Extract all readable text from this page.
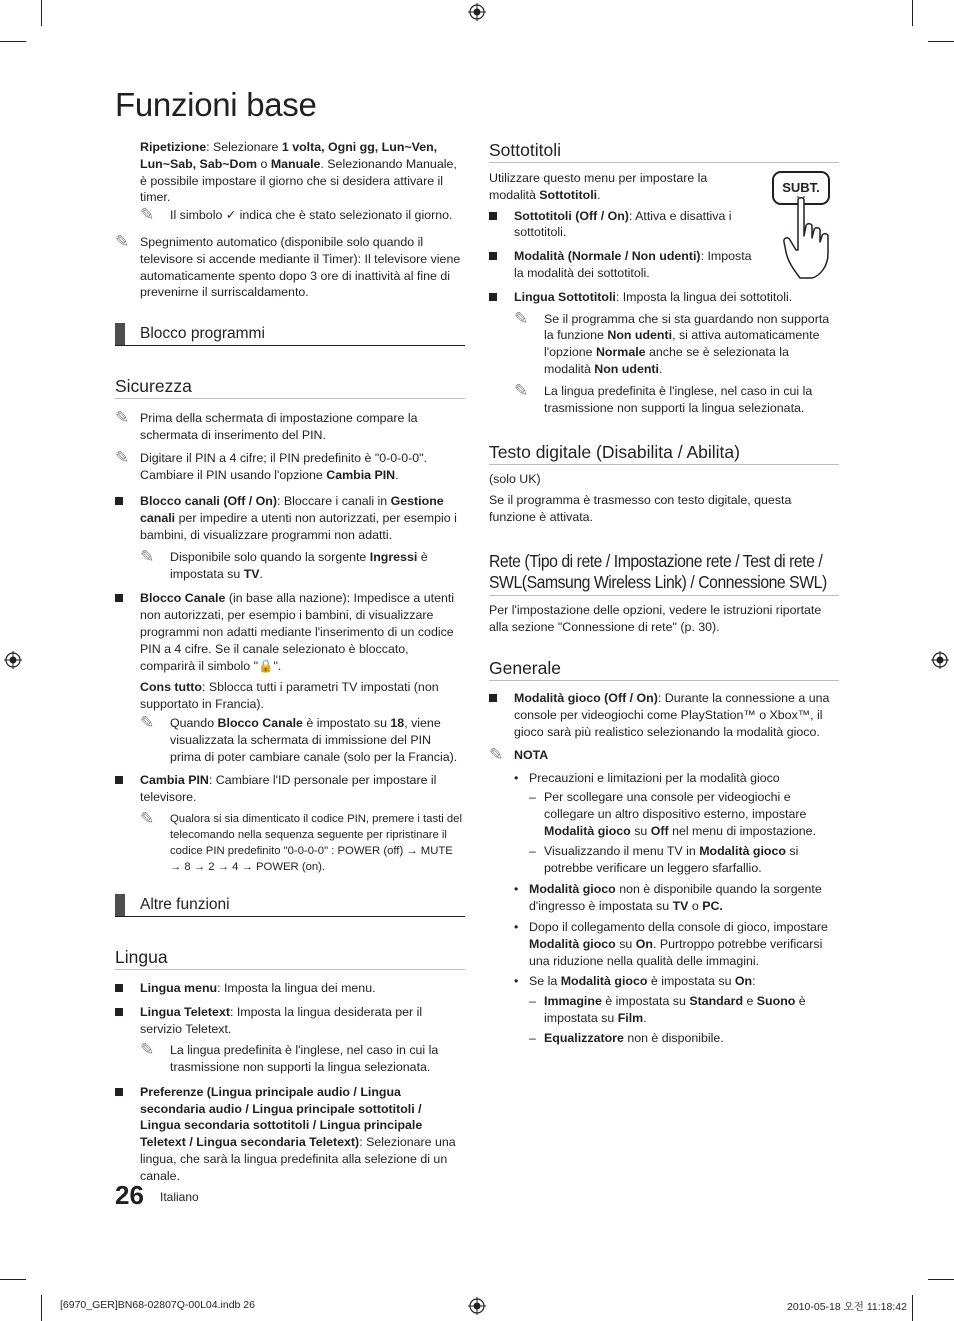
Funzioni base
Ripetizione: Selezionare 1 volta, Ogni gg, Lun~Ven, Lun~Sab, Sab~Dom o Manuale. Selezionando Manuale, è possibile impostare il giorno che si desidera attivare il timer.
✎ Il simbolo ✓ indica che è stato selezionato il giorno.
✎ Spegnimento automatico (disponibile solo quando il televisore si accende mediante il Timer): Il televisore viene automaticamente spento dopo 3 ore di inattività al fine di prevenirne il surriscaldamento.
Blocco programmi
Sicurezza
✎ Prima della schermata di impostazione compare la schermata di inserimento del PIN.
✎ Digitare il PIN a 4 cifre; il PIN predefinito è "0-0-0-0". Cambiare il PIN usando l'opzione Cambia PIN.
Blocco canali (Off / On): Bloccare i canali in Gestione canali per impedire a utenti non autorizzati, per esempio i bambini, di visualizzare programmi non adatti.
✎ Disponibile solo quando la sorgente Ingressi è impostata su TV.
Blocco Canale (in base alla nazione): Impedisce a utenti non autorizzati, per esempio i bambini, di visualizzare programmi non adatti mediante l'inserimento di un codice PIN a 4 cifre. Se il canale selezionato è bloccato, comparirà il simbolo "🔒".
Cons tutto: Sblocca tutti i parametri TV impostati (non supportato in Francia).
✎ Quando Blocco Canale è impostato su 18, viene visualizzata la schermata di immissione del PIN prima di poter cambiare canale (solo per la Francia).
Cambia PIN: Cambiare l'ID personale per impostare il televisore.
✎ Qualora si sia dimenticato il codice PIN, premere i tasti del telecomando nella sequenza seguente per ripristinare il codice PIN predefinito "0-0-0-0" : POWER (off) → MUTE → 8 → 2 → 4 → POWER (on).
Altre funzioni
Lingua
Lingua menu: Imposta la lingua dei menu.
Lingua Teletext: Imposta la lingua desiderata per il servizio Teletext.
✎ La lingua predefinita è l'inglese, nel caso in cui la trasmissione non supporti la lingua selezionata.
Preferenze (Lingua principale audio / Lingua secondaria audio / Lingua principale sottotitoli / Lingua secondaria sottotitoli / Lingua principale Teletext / Lingua secondaria Teletext): Selezionare una lingua, che sarà la lingua predefinita alla selezione di un canale.
Sottotitoli
Utilizzare questo menu per impostare la modalità Sottotitoli.
Sottotitoli (Off / On): Attiva e disattiva i sottotitoli.
Modalità (Normale / Non udenti): Imposta la modalità dei sottotitoli.
Lingua Sottotitoli: Imposta la lingua dei sottotitoli.
✎ Se il programma che si sta guardando non supporta la funzione Non udenti, si attiva automaticamente l'opzione Normale anche se è selezionata la modalità Non udenti.
✎ La lingua predefinita è l'inglese, nel caso in cui la trasmissione non supporti la lingua selezionata.
Testo digitale (Disabilita / Abilita)
(solo UK)
Se il programma è trasmesso con testo digitale, questa funzione è attivata.
Rete (Tipo di rete / Impostazione rete / Test di rete / SWL(Samsung Wireless Link) / Connessione SWL)
Per l'impostazione delle opzioni, vedere le istruzioni riportate alla sezione "Connessione di rete" (p. 30).
Generale
Modalità gioco (Off / On): Durante la connessione a una console per videogiochi come PlayStation™ o Xbox™, il gioco sarà più realistico selezionando la modalità gioco.
✎ NOTA
• Precauzioni e limitazioni per la modalità gioco
– Per scollegare una console per videogiochi e collegare un altro dispositivo esterno, impostare Modalità gioco su Off nel menu di impostazione.
– Visualizzando il menu TV in Modalità gioco si potrebbe verificare un leggero sfarfallio.
• Modalità gioco non è disponibile quando la sorgente d'ingresso è impostata su TV o PC.
• Dopo il collegamento della console di gioco, impostare Modalità gioco su On. Purtroppo potrebbe verificarsi una riduzione nella qualità delle immagini.
• Se la Modalità gioco è impostata su On:
– Immagine è impostata su Standard e Suono è impostata su Film.
– Equalizzatore non è disponibile.
SUBT.
26 Italiano
[6970_GER]BN68-02807Q-00L04.indb 26	2010-05-18 오전 11:18:42
